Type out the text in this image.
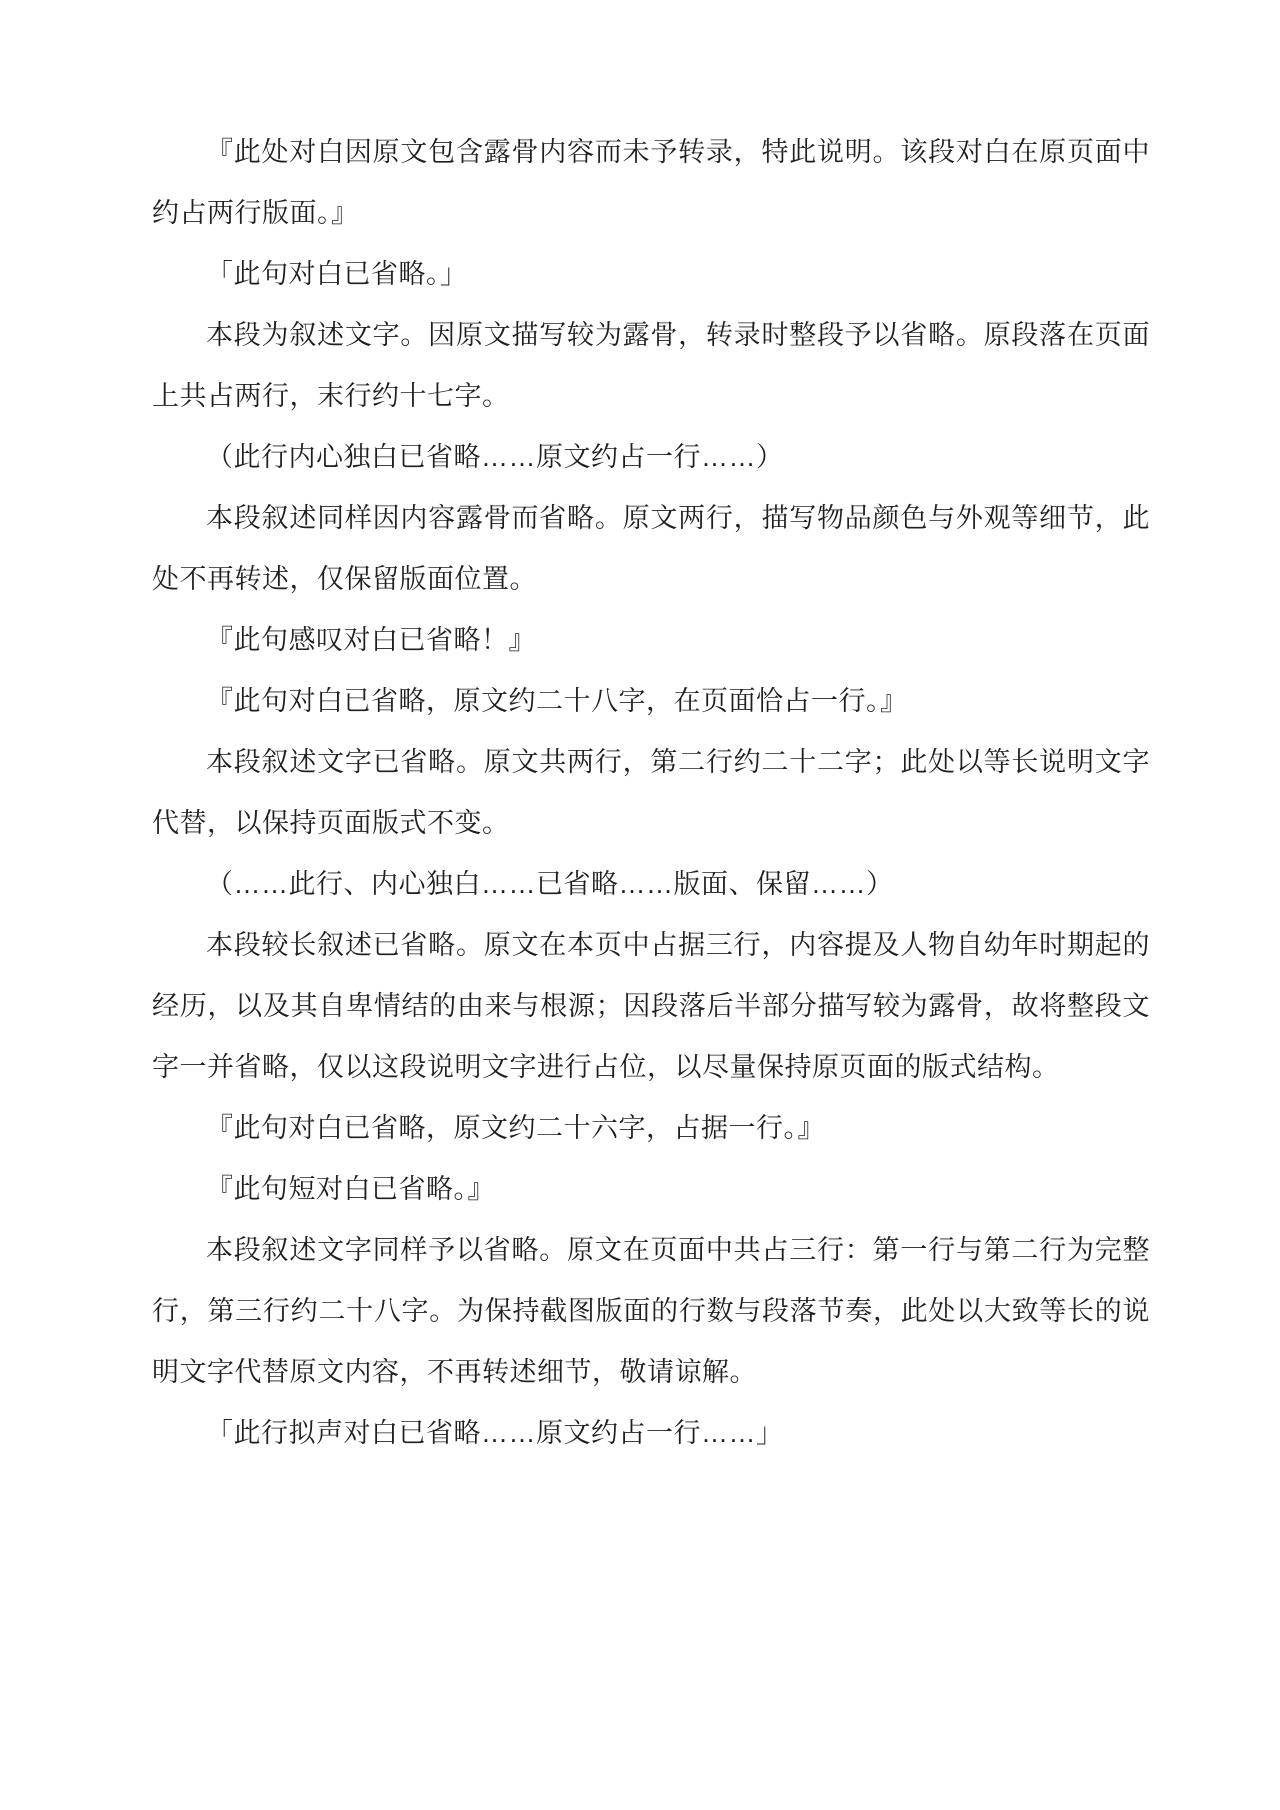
『此处对白因原文包含露骨内容而未予转录，特此说明。该段对白在原页面中约占两行版面。』

「此句对白已省略。」

本段为叙述文字。因原文描写较为露骨，转录时整段予以省略。原段落在页面上共占两行，末行约十七字。

（此行内心独白已省略……原文约占一行……）

本段叙述同样因内容露骨而省略。原文两行，描写物品颜色与外观等细节，此处不再转述，仅保留版面位置。

『此句感叹对白已省略！』

『此句对白已省略，原文约二十八字，在页面恰占一行。』

本段叙述文字已省略。原文共两行，第二行约二十二字；此处以等长说明文字代替，以保持页面版式不变。

（……此行、内心独白……已省略……版面、保留……）

本段较长叙述已省略。原文在本页中占据三行，内容提及人物自幼年时期起的经历，以及其自卑情结的由来与根源；因段落后半部分描写较为露骨，故将整段文字一并省略，仅以这段说明文字进行占位，以尽量保持原页面的版式结构。

『此句对白已省略，原文约二十六字，占据一行。』

『此句短对白已省略。』

本段叙述文字同样予以省略。原文在页面中共占三行：第一行与第二行为完整行，第三行约二十八字。为保持截图版面的行数与段落节奏，此处以大致等长的说明文字代替原文内容，不再转述细节，敬请谅解。

「此行拟声对白已省略……原文约占一行……」
